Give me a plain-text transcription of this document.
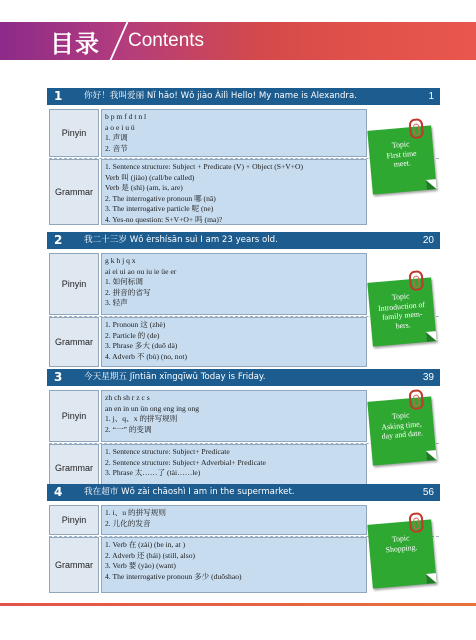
目录 Contents
1	你好！我叫爱丽 Nǐ hǎo! Wǒ jiào Àilì Hello! My name is Alexandra.	1
Pinyin
b p m f d t n l
a o e i u ü
1. 声调
2. 音节
Grammar
1. Sentence structure: Subject + Predicate (V) + Object (S+V+O)
Verb 叫 (jiào) (call/be called)
Verb 是 (shì) (am, is, are)
2. The interrogative pronoun 哪 (nǎ)
3. The interrogative particle 呢 (ne)
4. Yes-no question: S+V+O+ 吗 (ma)?
Topic
First time
meet.
2	我二十三岁 Wǒ èrshísān suì I am 23 years old.	20
Pinyin
g k h j q x
ai ei ui ao ou iu ie üe er
1. 如何标调
2. 拼音的省写
3. 轻声
Grammar
1. Pronoun 这 (zhè)
2. Particle 的 (de)
3. Phrase 多大 (duō dà)
4. Adverb 不 (bù) (no, not)
Topic
Introduction of
family mem-
bers.
3	今天星期五 Jīntiān xīngqīwǔ Today is Friday.	39
Pinyin
zh ch sh r z c s
an en in un ün ong eng ing ong
1. j、q、x 的拼写规则
2. “一” 的变调
Grammar
1. Sentence structure: Subject+ Predicate
2. Sentence structure: Subject+ Adverbial+ Predicate
3. Phrase 太……了 (tài……le)
Topic
Asking time,
day and date.
4	我在超市 Wǒ zài chāoshì I am in the supermarket.	56
Pinyin
1. i、u 的拼写规则
2. 儿化的发音
Grammar
1. Verb 在 (zài) (be in, at )
2. Adverb 还 (hái) (still, also)
3. Verb 要 (yào) (want)
4. The interrogative pronoun 多少 (duōshao)
Topic
Shopping.
